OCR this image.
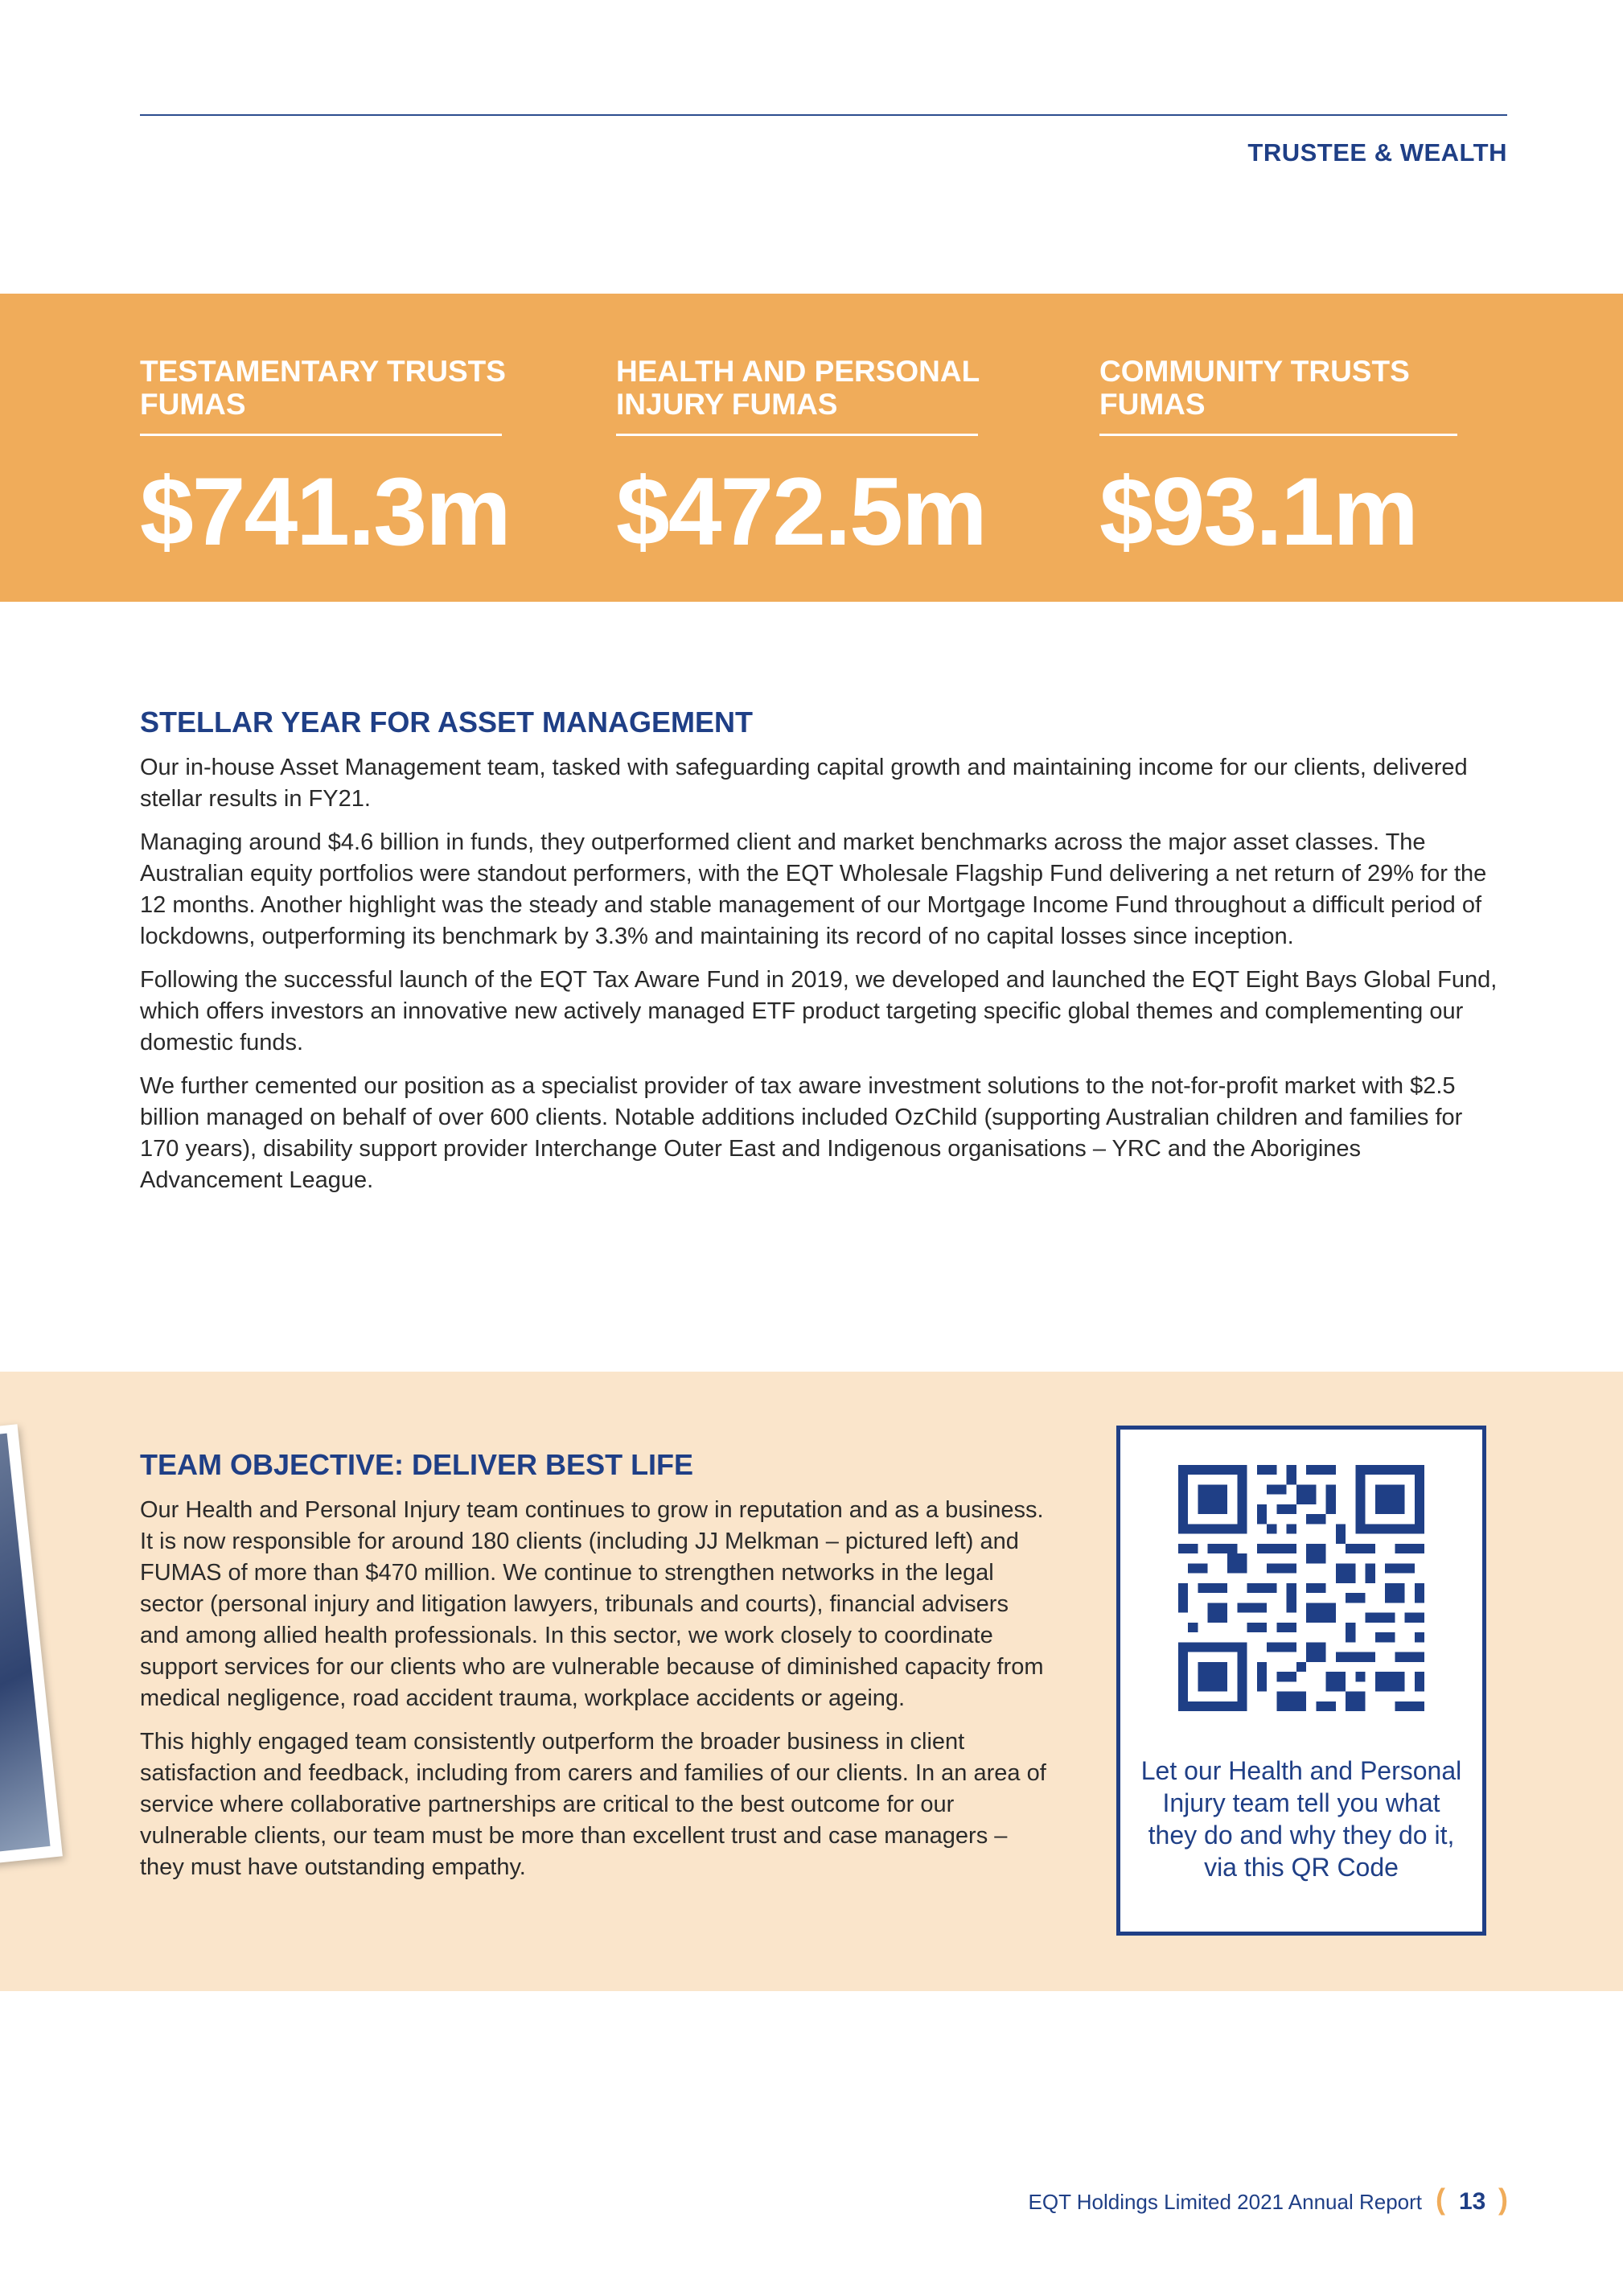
TRUSTEE & WEALTH
TESTAMENTARY TRUSTS FUMAS
$741.3m
HEALTH AND PERSONAL INJURY FUMAS
$472.5m
COMMUNITY TRUSTS FUMAS
$93.1m
STELLAR YEAR FOR ASSET MANAGEMENT

Our in-house Asset Management team, tasked with safeguarding capital growth and maintaining income for our clients, delivered stellar results in FY21.

Managing around $4.6 billion in funds, they outperformed client and market benchmarks across the major asset classes. The Australian equity portfolios were standout performers, with the EQT Wholesale Flagship Fund delivering a net return of 29% for the 12 months. Another highlight was the steady and stable management of our Mortgage Income Fund throughout a difficult period of lockdowns, outperforming its benchmark by 3.3% and maintaining its record of no capital losses since inception.

Following the successful launch of the EQT Tax Aware Fund in 2019, we developed and launched the EQT Eight Bays Global Fund, which offers investors an innovative new actively managed ETF product targeting specific global themes and complementing our domestic funds.

We further cemented our position as a specialist provider of tax aware investment solutions to the not-for-profit market with $2.5 billion managed on behalf of over 600 clients. Notable additions included OzChild (supporting Australian children and families for 170 years), disability support provider Interchange Outer East and Indigenous organisations – YRC and the Aborigines Advancement League.

TEAM OBJECTIVE: DELIVER BEST LIFE

Our Health and Personal Injury team continues to grow in reputation and as a business. It is now responsible for around 180 clients (including JJ Melkman – pictured left) and FUMAS of more than $470 million. We continue to strengthen networks in the legal sector (personal injury and litigation lawyers, tribunals and courts), financial advisers and among allied health professionals. In this sector, we work closely to coordinate support services for our clients who are vulnerable because of diminished capacity from medical negligence, road accident trauma, workplace accidents or ageing.

This highly engaged team consistently outperform the broader business in client satisfaction and feedback, including from carers and families of our clients. In an area of service where collaborative partnerships are critical to the best outcome for our vulnerable clients, our team must be more than excellent trust and case managers – they must have outstanding empathy.

Let our Health and Personal Injury team tell you what they do and why they do it, via this QR Code
EQT Holdings Limited 2021 Annual Report ( 13 )
